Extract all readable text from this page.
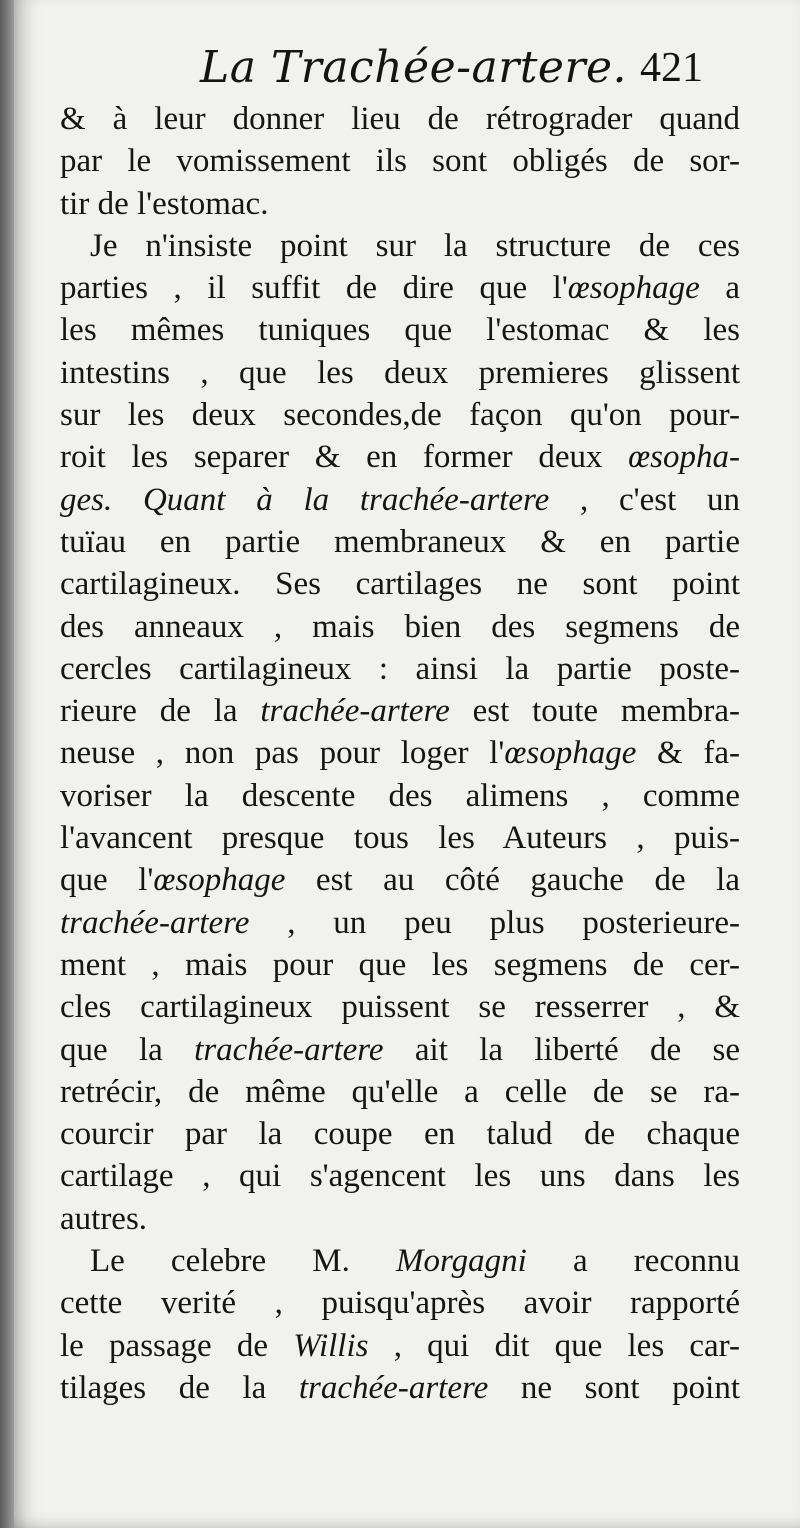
La Trachée-artere. 421
& à leur donner lieu de rétrograder quand
par le vomissement ils sont obligés de sor-
tir de l'estomac.
Je n'insiste point sur la structure de ces
parties , il suffit de dire que l'œsophage a
les mêmes tuniques que l'estomac & les
intestins , que les deux premieres glissent
sur les deux secondes,de façon qu'on pour-
roit les separer & en former deux œsopha-
ges. Quant à la trachée-artere , c'est un
tuïau en partie membraneux & en partie
cartilagineux. Ses cartilages ne sont point
des anneaux , mais bien des segmens de
cercles cartilagineux : ainsi la partie poste-
rieure de la trachée-artere est toute membra-
neuse , non pas pour loger l'œsophage & fa-
voriser la descente des alimens , comme
l'avancent presque tous les Auteurs , puis-
que l'œsophage est au côté gauche de la
trachée-artere , un peu plus posterieure-
ment , mais pour que les segmens de cer-
cles cartilagineux puissent se resserrer , &
que la trachée-artere ait la liberté de se
retrécir, de même qu'elle a celle de se ra-
courcir par la coupe en talud de chaque
cartilage , qui s'agencent les uns dans les
autres.
Le celebre M. Morgagni a reconnu
cette verité , puisqu'après avoir rapporté
le passage de Willis , qui dit que les car-
tilages de la trachée-artere ne sont point
